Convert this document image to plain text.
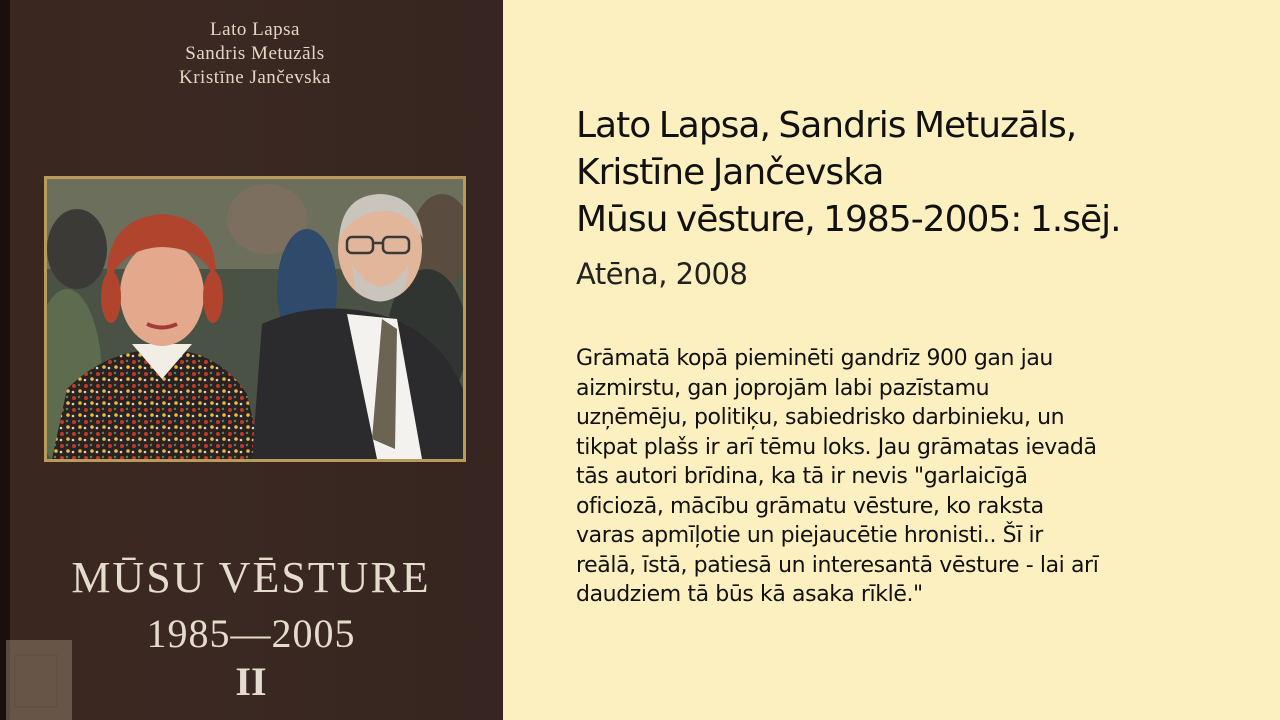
Lato Lapsa
Sandris Metuzāls
Kristīne Jančevska
MŪSU VĒSTURE
1985—2005
II
Lato Lapsa, Sandris Metuzāls,
Kristīne Jančevska
Mūsu vēsture, 1985-2005: 1.sēj.
Atēna, 2008
Grāmatā kopā pieminēti gandrīz 900 gan jau
aizmirstu, gan joprojām labi pazīstamu
uzņēmēju, politiķu, sabiedrisko darbinieku, un
tikpat plašs ir arī tēmu loks. Jau grāmatas ievadā
tās autori brīdina, ka tā ir nevis "garlaicīgā
oficiozā, mācību grāmatu vēsture, ko raksta
varas apmīļotie un piejaucētie hronisti.. Šī ir
reālā, īstā, patiesā un interesantā vēsture - lai arī
daudziem tā būs kā asaka rīklē."
